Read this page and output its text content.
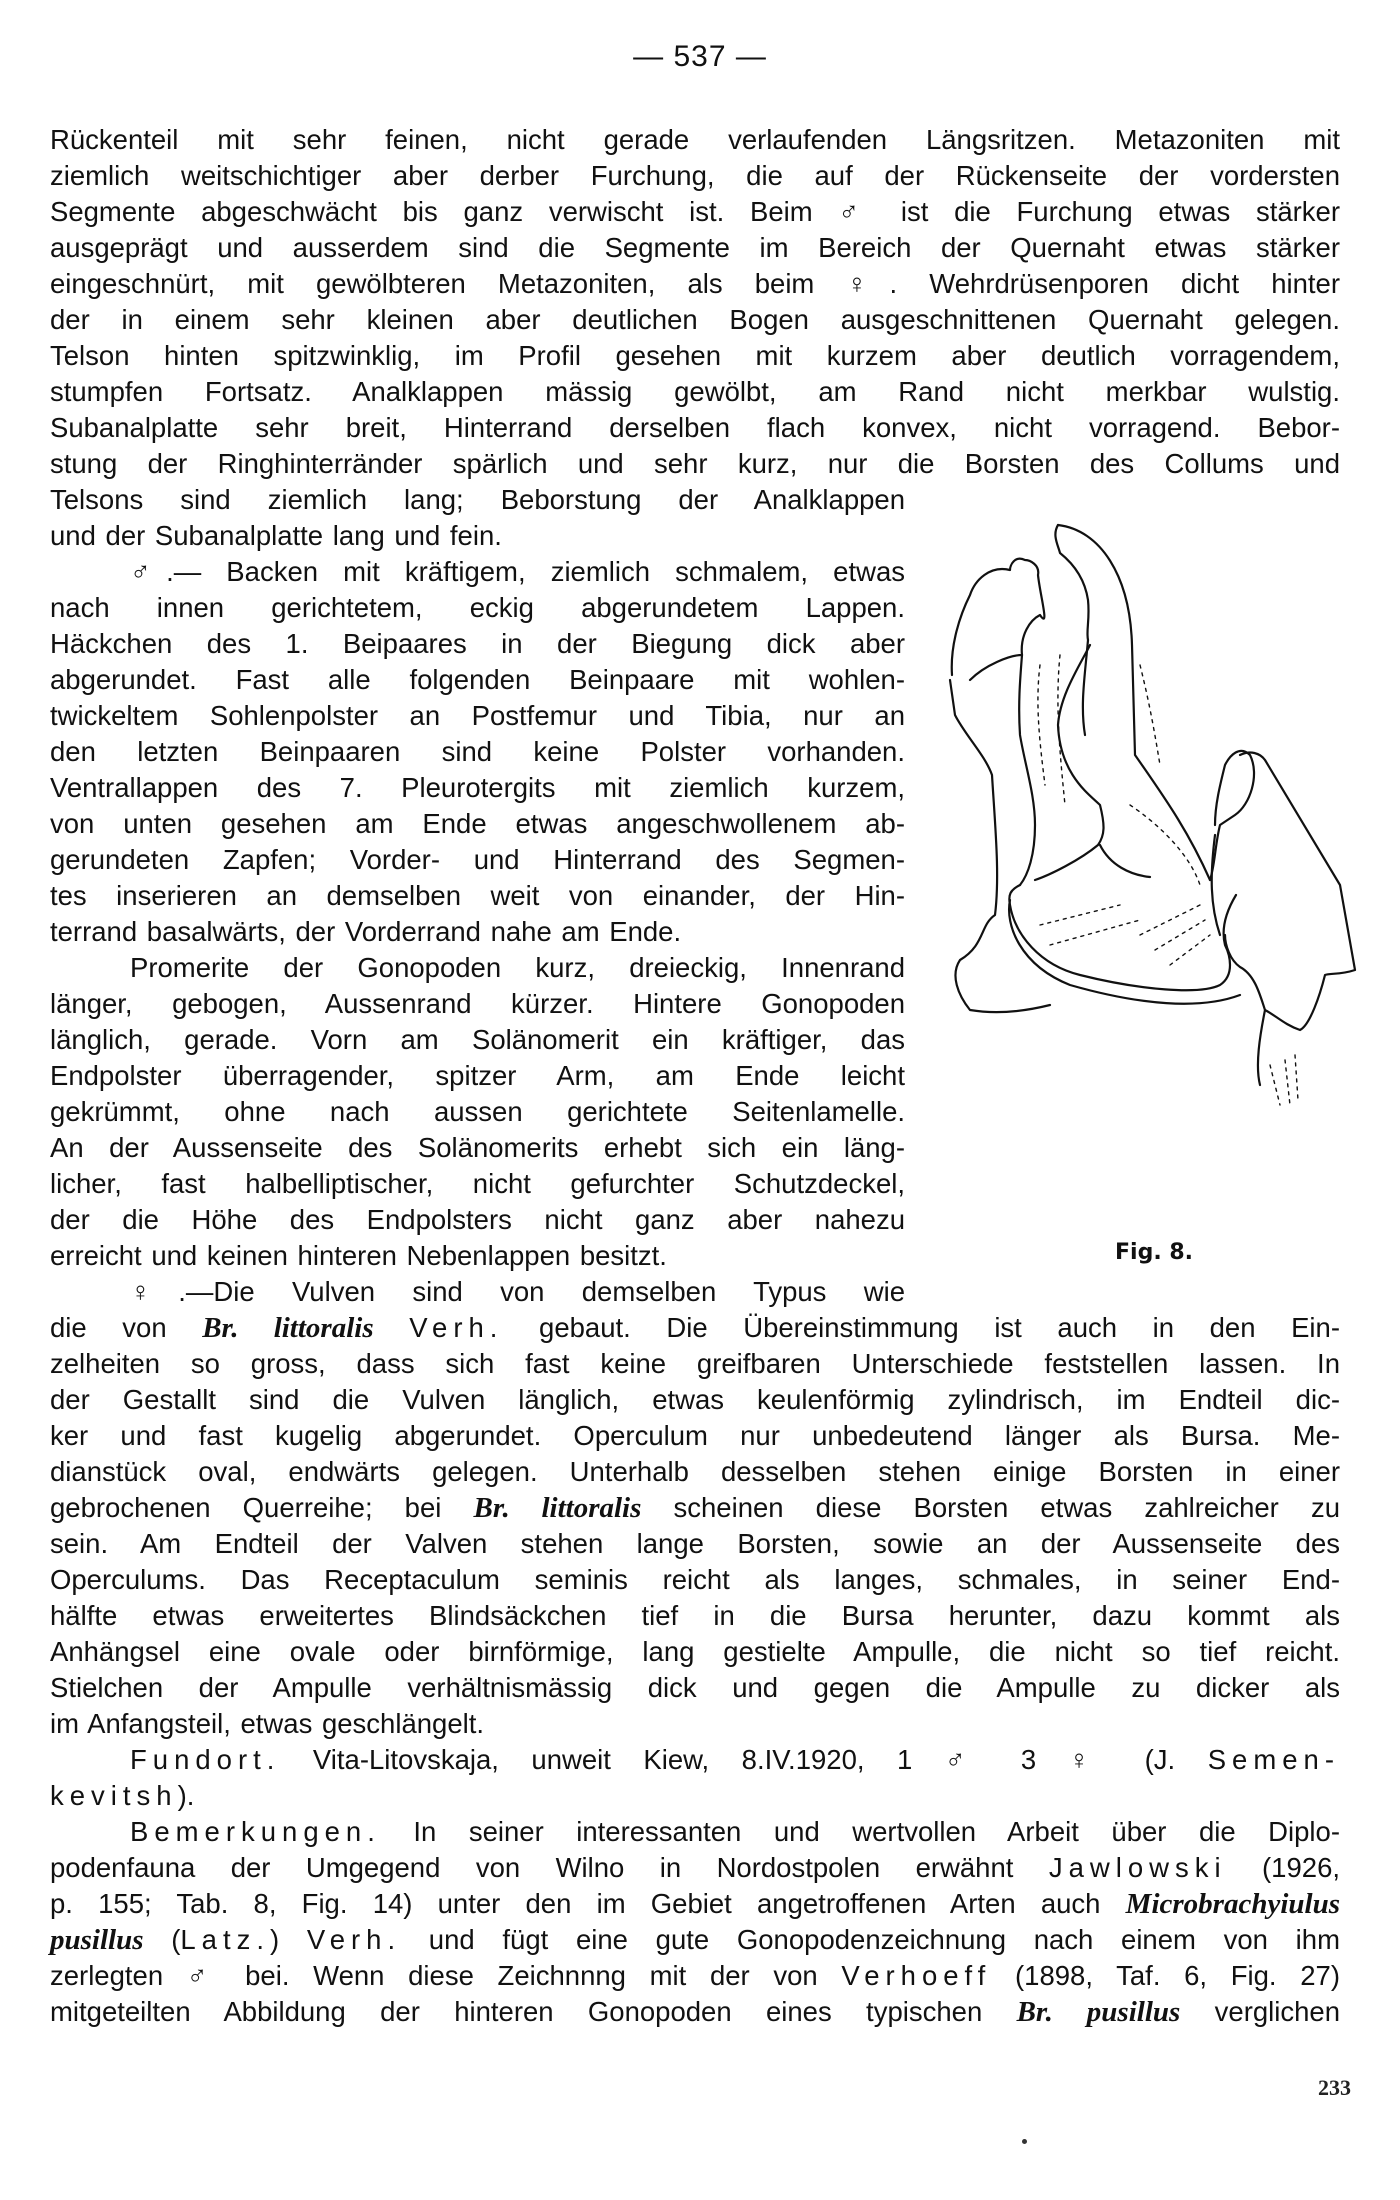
— 537 —
Rückenteil mit sehr feinen, nicht gerade verlaufenden Längsritzen. Metazoniten mit
ziemlich weitschichtiger aber derber Furchung, die auf der Rückenseite der vordersten
Segmente abgeschwächt bis ganz verwischt ist. Beim ♂ ist die Furchung etwas stärker
ausgeprägt und ausserdem sind die Segmente im Bereich der Quernaht etwas stärker
eingeschnürt, mit gewölbteren Metazoniten, als beim ♀. Wehrdrüsenporen dicht hinter
der in einem sehr kleinen aber deutlichen Bogen ausgeschnittenen Quernaht gelegen.
Telson hinten spitzwinklig, im Profil gesehen mit kurzem aber deutlich vorragendem,
stumpfen Fortsatz. Analklappen mässig gewölbt, am Rand nicht merkbar wulstig.
Subanalplatte sehr breit, Hinterrand derselben flach konvex, nicht vorragend. Bebor-
stung der Ringhinterränder spärlich und sehr kurz, nur die Borsten des Collums und
Telsons sind ziemlich lang; Beborstung der Analklappen
und der Subanalplatte lang und fein.
♂.— Backen mit kräftigem, ziemlich schmalem, etwas
nach innen gerichtetem, eckig abgerundetem Lappen.
Häckchen des 1. Beipaares in der Biegung dick aber
abgerundet. Fast alle folgenden Beinpaare mit wohlen-
twickeltem Sohlenpolster an Postfemur und Tibia, nur an
den letzten Beinpaaren sind keine Polster vorhanden.
Ventrallappen des 7. Pleurotergits mit ziemlich kurzem,
von unten gesehen am Ende etwas angeschwollenem ab-
gerundeten Zapfen; Vorder- und Hinterrand des Segmen-
tes inserieren an demselben weit von einander, der Hin-
terrand basalwärts, der Vorderrand nahe am Ende.
Promerite der Gonopoden kurz, dreieckig, Innenrand
länger, gebogen, Aussenrand kürzer. Hintere Gonopoden
länglich, gerade. Vorn am Solänomerit ein kräftiger, das
Endpolster überragender, spitzer Arm, am Ende leicht
gekrümmt, ohne nach aussen gerichtete Seitenlamelle.
An der Aussenseite des Solänomerits erhebt sich ein läng-
licher, fast halbelliptischer, nicht gefurchter Schutzdeckel,
der die Höhe des Endpolsters nicht ganz aber nahezu
erreicht und keinen hinteren Nebenlappen besitzt.
♀.—Die Vulven sind von demselben Typus wie
zelheiten so gross, dass sich fast keine greifbaren Unterschiede feststellen lassen. In
der Gestallt sind die Vulven länglich, etwas keulenförmig zylindrisch, im Endteil dic-
ker und fast kugelig abgerundet. Operculum nur unbedeutend länger als Bursa. Me-
dianstück oval, endwärts gelegen. Unterhalb desselben stehen einige Borsten in einer
sein. Am Endteil der Valven stehen lange Borsten, sowie an der Aussenseite des
Operculums. Das Receptaculum seminis reicht als langes, schmales, in seiner End-
hälfte etwas erweitertes Blindsäckchen tief in die Bursa herunter, dazu kommt als
Anhängsel eine ovale oder birnförmige, lang gestielte Ampulle, die nicht so tief reicht.
Stielchen der Ampulle verhältnismässig dick und gegen die Ampulle zu dicker als
im Anfangsteil, etwas geschlängelt.
die von Br. littoralis Verh. gebaut. Die Übereinstimmung ist auch in den Ein-
gebrochenen Querreihe; bei Br. littoralis scheinen diese Borsten etwas zahlreicher zu
Fundort. Vita-Litovskaja, unweit Kiew, 8.IV.1920, 1 ♂ 3 ♀ (J. Semen-
kevitsh).
Bemerkungen. In seiner interessanten und wertvollen Arbeit über die Diplo-
podenfauna der Umgegend von Wilno in Nordostpolen erwähnt Jawlowski (1926,
p. 155; Tab. 8, Fig. 14) unter den im Gebiet angetroffenen Arten auch Microbrachyiulus
pusillus (Latz.) Verh. und fügt eine gute Gonopodenzeichnung nach einem von ihm
zerlegten ♂ bei. Wenn diese Zeichnnng mit der von Verhoeff (1898, Taf. 6, Fig. 27)
mitgeteilten Abbildung der hinteren Gonopoden eines typischen Br. pusillus verglichen
Fig. 8.
233
